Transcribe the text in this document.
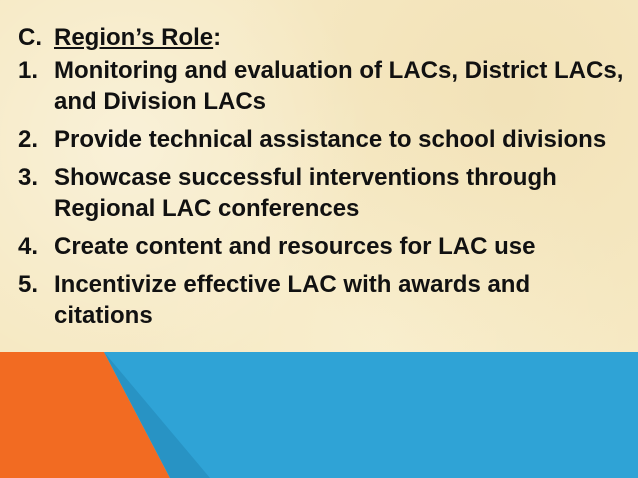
C. Region’s Role :
1. Monitoring and evaluation of LACs, District LACs, and Division LACs
2. Provide technical assistance to school divisions
3. Showcase successful interventions through Regional LAC conferences
4. Create content and resources for LAC use
5. Incentivize effective LAC with awards and citations
